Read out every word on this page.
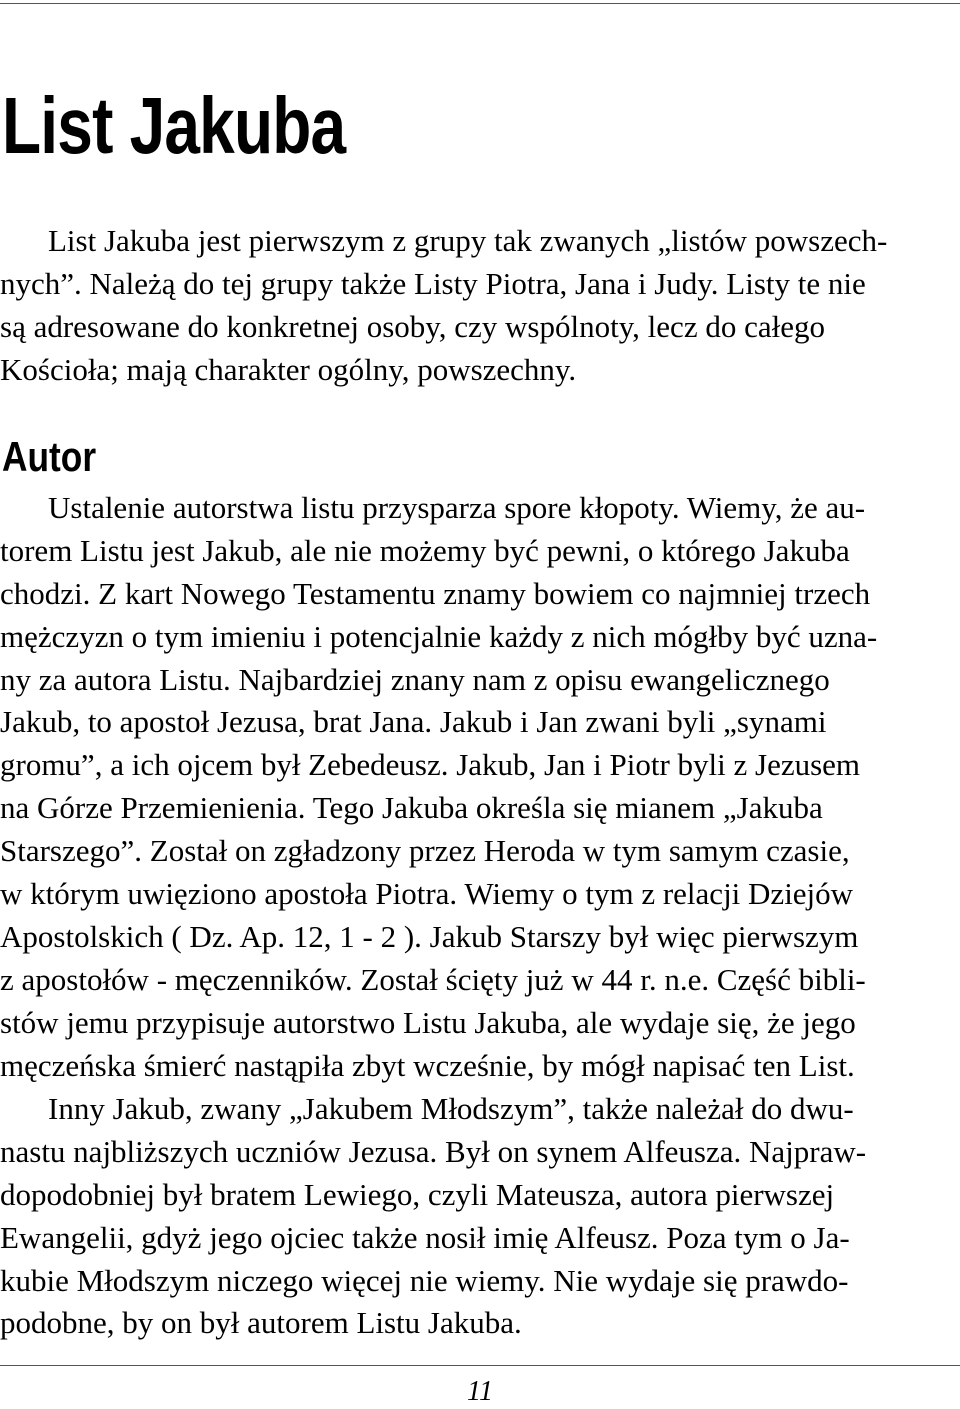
List Jakuba
List Jakuba jest pierwszym z grupy tak zwanych „listów powszech-
nych”. Należą do tej grupy także Listy Piotra, Jana i Judy. Listy te nie
są adresowane do konkretnej osoby, czy wspólnoty, lecz do całego
Kościoła; mają charakter ogólny, powszechny.
Autor
Ustalenie autorstwa listu przysparza spore kłopoty. Wiemy, że au-
torem Listu jest Jakub, ale nie możemy być pewni, o którego Jakuba
chodzi. Z kart Nowego Testamentu znamy bowiem co najmniej trzech
mężczyzn o tym imieniu i potencjalnie każdy z nich mógłby być uzna-
ny za autora Listu. Najbardziej znany nam z opisu ewangelicznego
Jakub, to apostoł Jezusa, brat Jana. Jakub i Jan zwani byli „synami
gromu”, a ich ojcem był Zebedeusz. Jakub, Jan i Piotr byli z Jezusem
na Górze Przemienienia. Tego Jakuba określa się mianem „Jakuba
Starszego”. Został on zgładzony przez Heroda w tym samym czasie,
w którym uwięziono apostoła Piotra. Wiemy o tym z relacji Dziejów
Apostolskich ( Dz. Ap. 12, 1 - 2 ). Jakub Starszy był więc pierwszym
z apostołów - męczenników. Został ścięty już w 44 r. n.e. Część bibli-
stów jemu przypisuje autorstwo Listu Jakuba, ale wydaje się, że jego
męczeńska śmierć nastąpiła zbyt wcześnie, by mógł napisać ten List.
Inny Jakub, zwany „Jakubem Młodszym”, także należał do dwu-
nastu najbliższych uczniów Jezusa. Był on synem Alfeusza. Najpraw-
dopodobniej był bratem Lewiego, czyli Mateusza, autora pierwszej
Ewangelii, gdyż jego ojciec także nosił imię Alfeusz. Poza tym o Ja-
kubie Młodszym niczego więcej nie wiemy. Nie wydaje się prawdo-
podobne, by on był autorem Listu Jakuba.
11
